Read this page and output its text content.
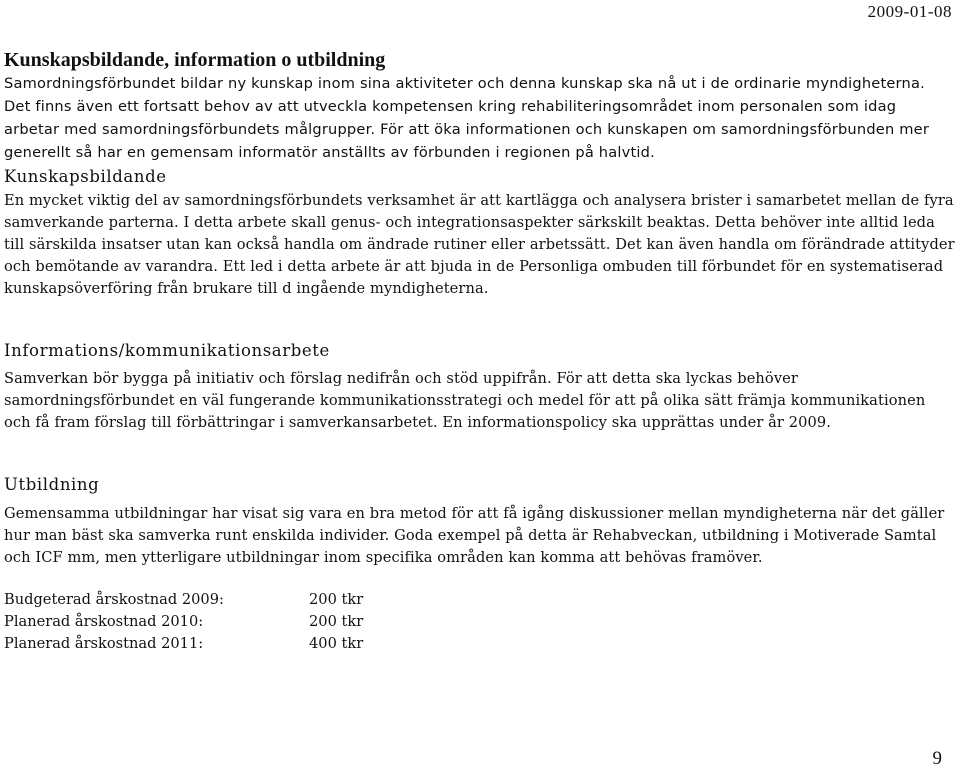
2009-01-08
Kunskapsbildande, information o utbildning

Samordningsförbundet bildar ny kunskap inom sina aktiviteter och denna kunskap ska nå ut i de ordinarie myndigheterna. Det finns även ett fortsatt behov av att utveckla kompetensen kring rehabiliteringsområdet inom personalen som idag arbetar med samordningsförbundets målgrupper. För att öka informationen och kunskapen om samordningsförbunden mer generellt så har en gemensam informatör anställts av förbunden i regionen på halvtid.

Kunskapsbildande

En mycket viktig del av samordningsförbundets verksamhet är att kartlägga och analysera brister i samarbetet mellan de fyra samverkande parterna. I detta arbete skall genus- och integrationsaspekter särkskilt beaktas. Detta behöver inte alltid leda till särskilda insatser utan kan också handla om ändrade rutiner eller arbetssätt. Det kan även handla om förändrade attityder och bemötande av varandra. Ett led i detta arbete är att bjuda in de Personliga ombuden till förbundet för en systematiserad kunskapsöverföring från brukare till d ingående myndigheterna.

Informations/kommunikationsarbete

Samverkan bör bygga på initiativ och förslag nedifrån och stöd uppifrån. För att detta ska lyckas behöver samordningsförbundet en väl fungerande kommunikationsstrategi och medel för att på olika sätt främja kommunikationen och få fram förslag till förbättringar i samverkansarbetet. En informationspolicy ska upprättas under år 2009.

Utbildning

Gemensamma utbildningar har visat sig vara en bra metod för att få igång diskussioner mellan myndigheterna när det gäller hur man bäst ska samverka runt enskilda individer. Goda exempel på detta är Rehabveckan, utbildning i Motiverade Samtal och ICF mm, men ytterligare utbildningar inom specifika områden kan komma att behövas framöver.

Budgeterad årskostnad 2009:	200 tkr
Planerad årskostnad 2010:	200 tkr
Planerad årskostnad 2011:	400 tkr
9
